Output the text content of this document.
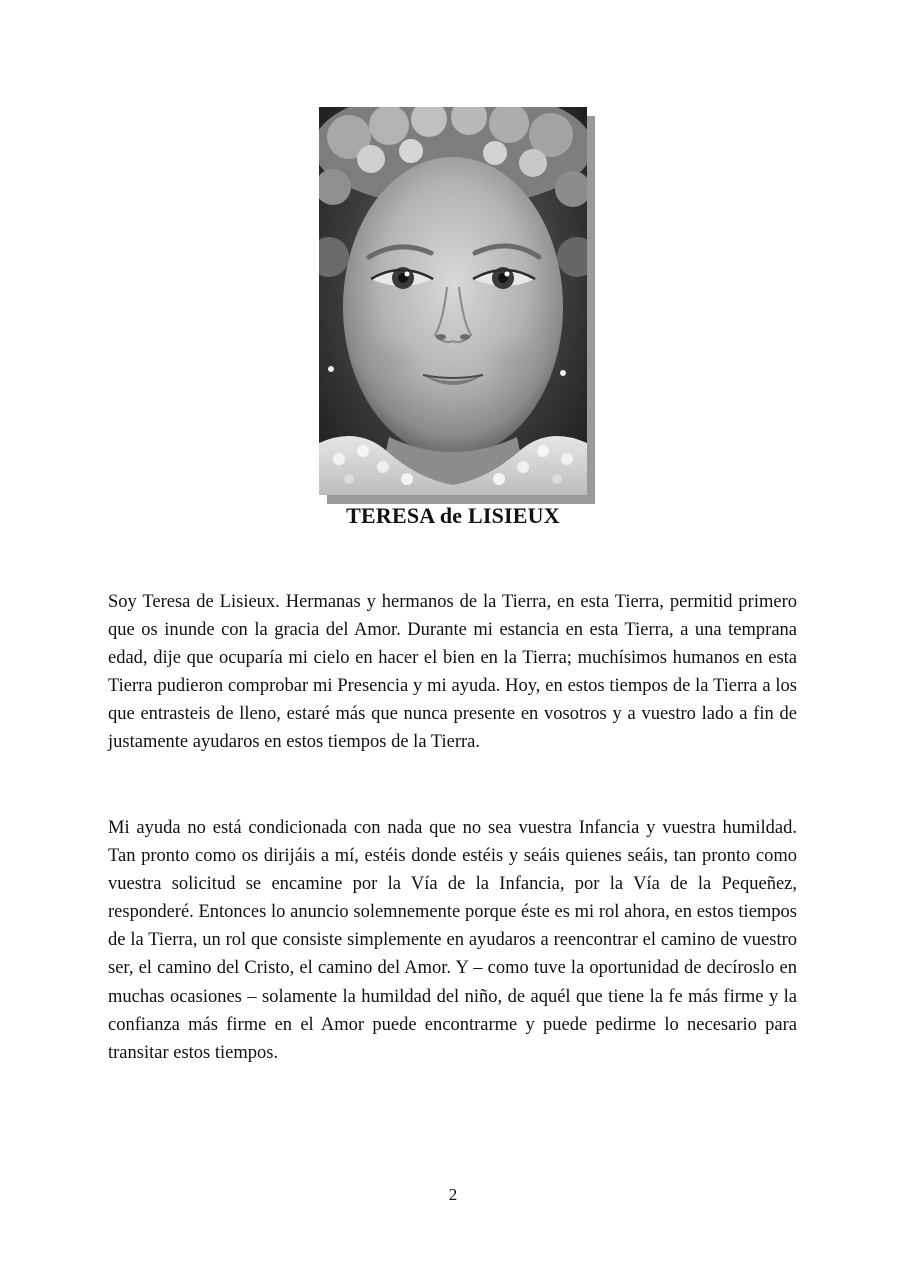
TERESA de LISIEUX

Soy Teresa de Lisieux. Hermanas y hermanos de la Tierra, en esta Tierra, permitid primero que os inunde con la gracia del Amor. Durante mi estancia en esta Tierra, a una temprana edad, dije que ocuparía mi cielo en hacer el bien en la Tierra; muchísimos humanos en esta Tierra pudieron comprobar mi Presencia y mi ayuda. Hoy, en estos tiempos de la Tierra a los que entrasteis de lleno, estaré más que nunca presente en vosotros y a vuestro lado a fin de justamente ayudaros en estos tiempos de la Tierra.

Mi ayuda no está condicionada con nada que no sea vuestra Infancia y vuestra humildad. Tan pronto como os dirijáis a mí, estéis donde estéis y seáis quienes seáis, tan pronto como vuestra solicitud se encamine por la Vía de la Infancia, por la Vía de la Pequeñez, responderé. Entonces lo anuncio solemnemente porque éste es mi rol ahora, en estos tiempos de la Tierra, un rol que consiste simplemente en ayudaros a reencontrar el camino de vuestro ser, el camino del Cristo, el camino del Amor. Y – como tuve la oportunidad de decíroslo en muchas ocasiones – solamente la humildad del niño, de aquél que tiene la fe más firme y la confianza más firme en el Amor puede encontrarme y puede pedirme lo necesario para transitar estos tiempos.

2
